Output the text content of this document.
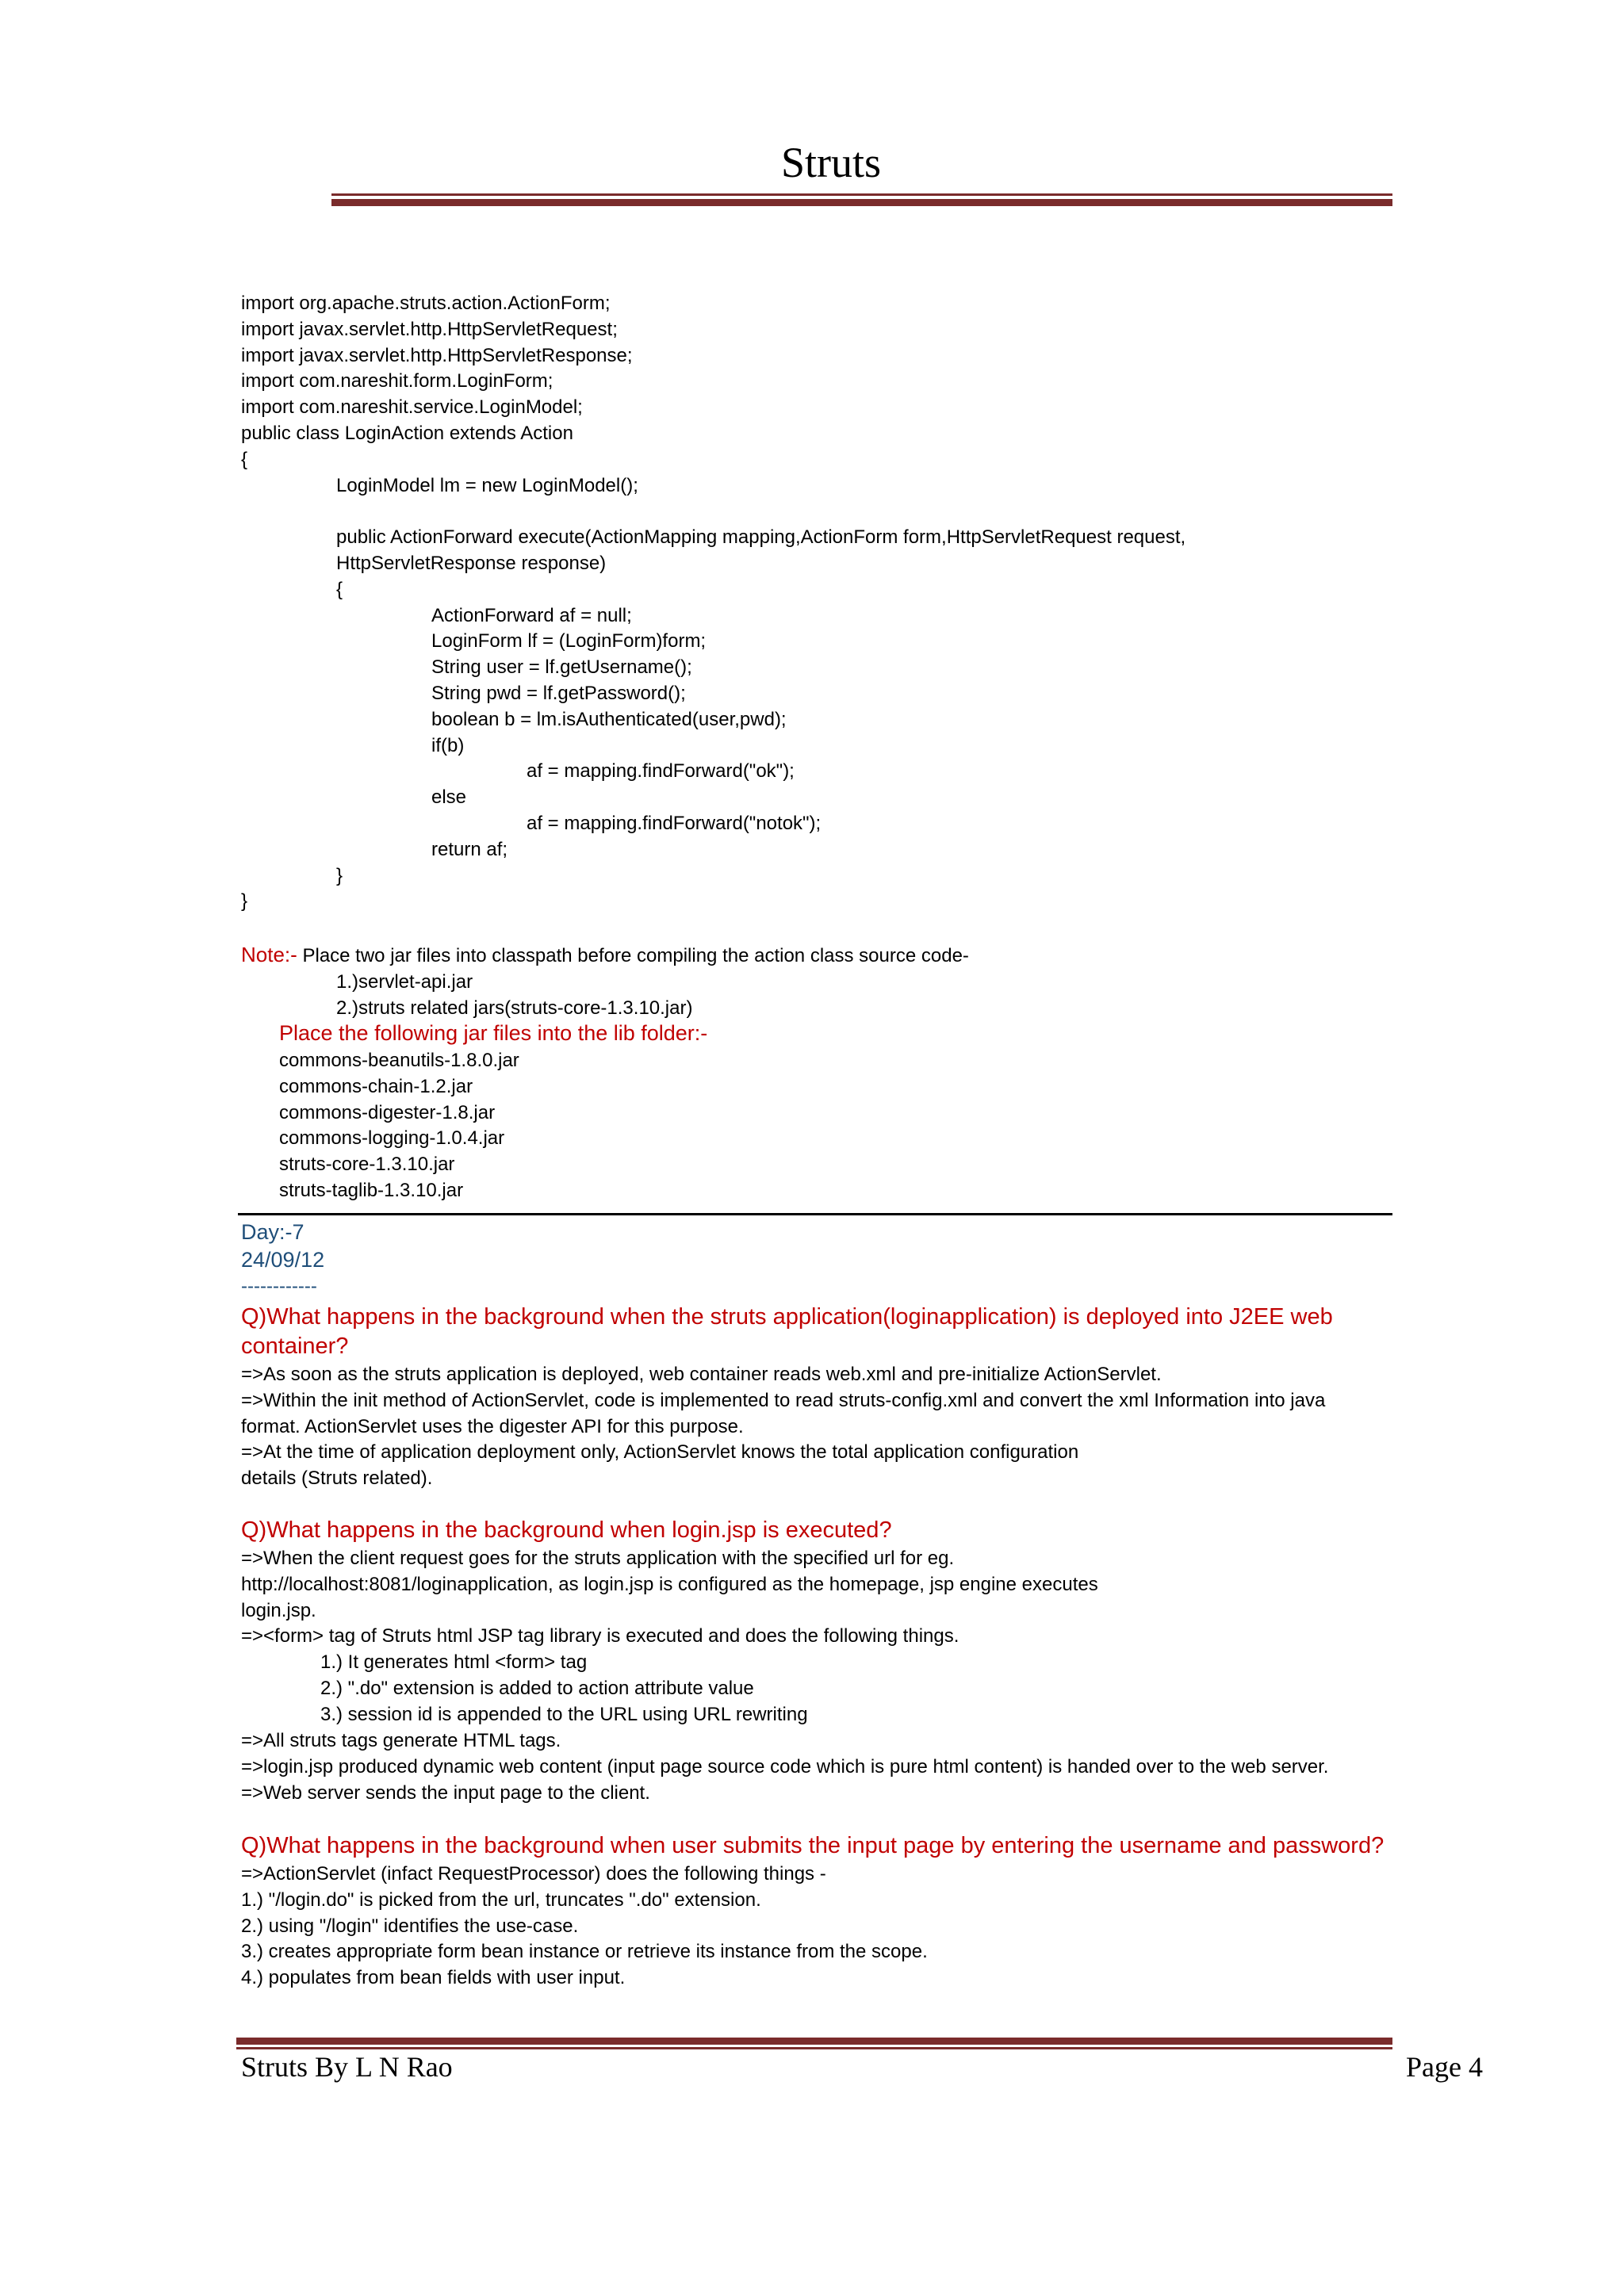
Struts
import org.apache.struts.action.ActionForm;
import javax.servlet.http.HttpServletRequest;
import javax.servlet.http.HttpServletResponse;
import com.nareshit.form.LoginForm;
import com.nareshit.service.LoginModel;
public class LoginAction extends Action
{
LoginModel lm = new LoginModel();
public ActionForward execute(ActionMapping mapping,ActionForm form,HttpServletRequest request,
HttpServletResponse response)
{
ActionForward af = null;
LoginForm lf = (LoginForm)form;
String user = lf.getUsername();
String pwd = lf.getPassword();
boolean b = lm.isAuthenticated(user,pwd);
if(b)
af = mapping.findForward("ok");
else
af = mapping.findForward("notok");
return af;
}
}
Note:- Place two jar files into classpath before compiling the action class source code-
1.)servlet-api.jar
2.)struts related jars(struts-core-1.3.10.jar)
Place the following jar files into the lib folder:-
commons-beanutils-1.8.0.jar
commons-chain-1.2.jar
commons-digester-1.8.jar
commons-logging-1.0.4.jar
struts-core-1.3.10.jar
struts-taglib-1.3.10.jar
Day:-7
24/09/12
------------
Q)What happens in the background when the struts application(loginapplication) is deployed into J2EE web
container?
=>As soon as the struts application is deployed, web container reads web.xml and pre-initialize ActionServlet.
=>Within the init method of ActionServlet, code is implemented to read struts-config.xml and convert the xml Information into java
format. ActionServlet uses the digester API for this purpose.
=>At the time of application deployment only, ActionServlet knows the total application configuration
details (Struts related).
Q)What happens in the background when login.jsp is executed?
=>When the client request goes for the struts application with the specified url for eg.
http://localhost:8081/loginapplication, as login.jsp is configured as the homepage, jsp engine executes
login.jsp.
=><form> tag of Struts html JSP tag library is executed and does the following things.
1.) It generates html <form> tag
2.) ".do" extension is added to action attribute value
3.) session id is appended to the URL using URL rewriting
=>All struts tags generate HTML tags.
=>login.jsp produced dynamic web content (input page source code which is pure html content) is handed over to the web server.
=>Web server sends the input page to the client.
Q)What happens in the background when user submits the input page by entering the username and password?
=>ActionServlet (infact RequestProcessor) does the following things -
1.) "/login.do" is picked from the url, truncates ".do" extension.
2.) using "/login" identifies the use-case.
3.) creates appropriate form bean instance or retrieve its instance from the scope.
4.) populates from bean fields with user input.
Struts By L N Rao	Page 4
